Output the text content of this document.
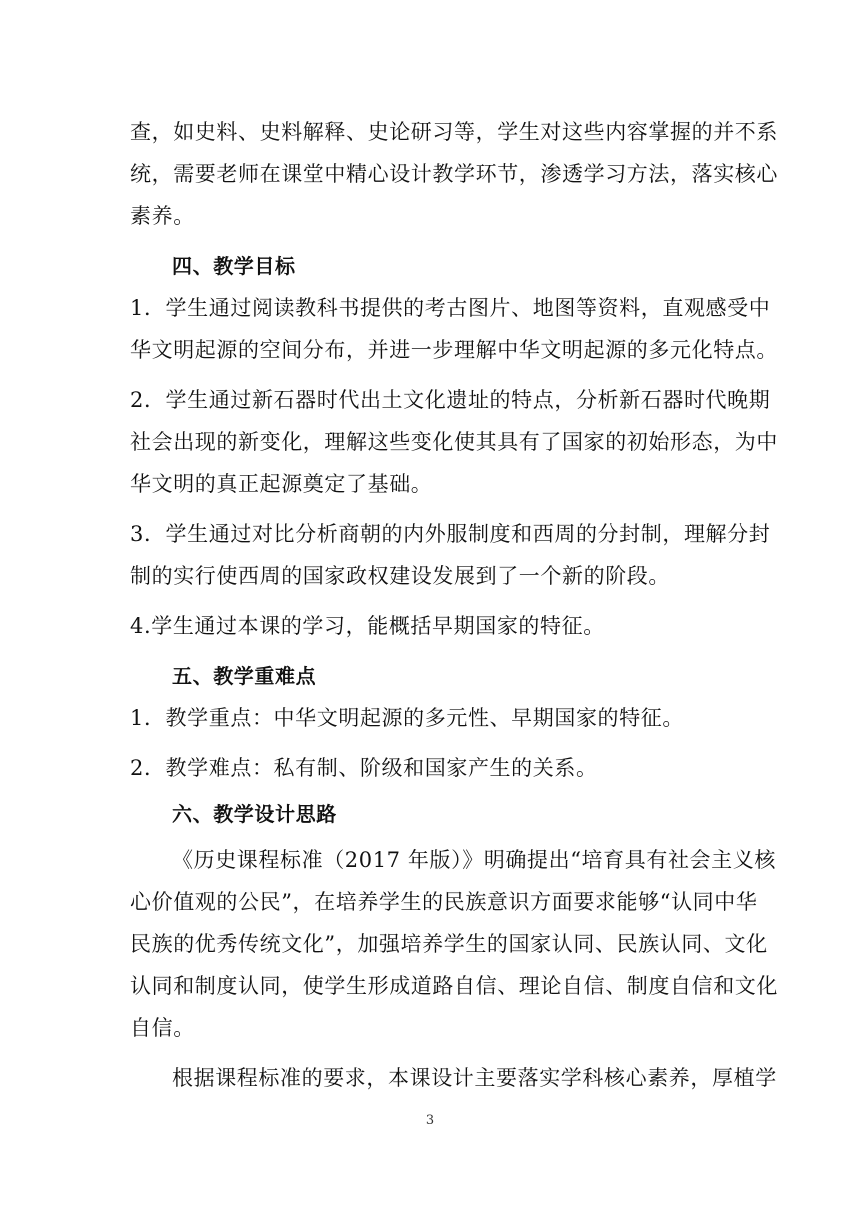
查，如史料、史料解释、史论研习等，学生对这些内容掌握的并不系
统，需要老师在课堂中精心设计教学环节，渗透学习方法，落实核心
素养。
四、教学目标
1．学生通过阅读教科书提供的考古图片、地图等资料，直观感受中
华文明起源的空间分布，并进一步理解中华文明起源的多元化特点。
2．学生通过新石器时代出土文化遗址的特点，分析新石器时代晚期
社会出现的新变化，理解这些变化使其具有了国家的初始形态，为中
华文明的真正起源奠定了基础。
3．学生通过对比分析商朝的内外服制度和西周的分封制，理解分封
制的实行使西周的国家政权建设发展到了一个新的阶段。
4.学生通过本课的学习，能概括早期国家的特征。
五、教学重难点
1．教学重点：中华文明起源的多元性、早期国家的特征。
2．教学难点：私有制、阶级和国家产生的关系。
六、教学设计思路
《历史课程标准（2017 年版）》明确提出“培育具有社会主义核
心价值观的公民”，在培养学生的民族意识方面要求能够“认同中华
民族的优秀传统文化”，加强培养学生的国家认同、民族认同、文化
认同和制度认同，使学生形成道路自信、理论自信、制度自信和文化
自信。
根据课程标准的要求，本课设计主要落实学科核心素养，厚植学
3
